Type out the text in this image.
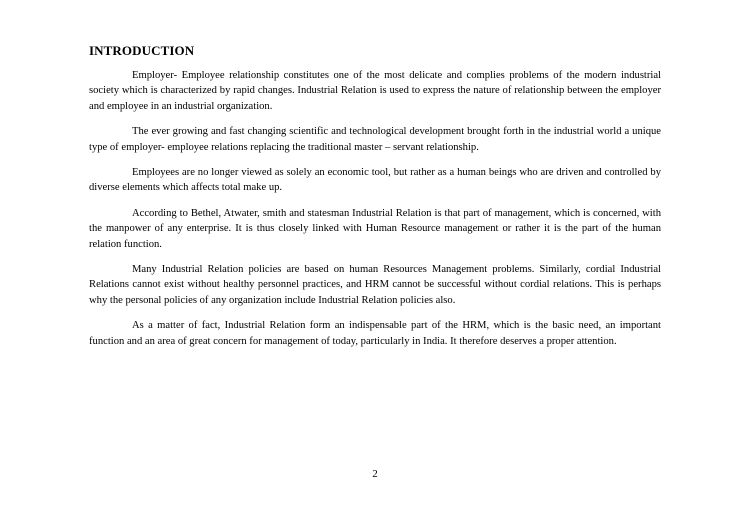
INTRODUCTION

Employer- Employee relationship constitutes one of the most delicate and complies problems of the modern industrial society which is characterized by rapid changes. Industrial Relation is used to express the nature of relationship between the employer and employee in an industrial organization.

The ever growing and fast changing scientific and technological development brought forth in the industrial world a unique type of employer- employee relations replacing the traditional master – servant relationship.

Employees are no longer viewed as solely an economic tool, but rather as a human beings who are driven and controlled by diverse elements which affects total make up.

According to Bethel, Atwater, smith and statesman Industrial Relation is that part of management, which is concerned, with the manpower of any enterprise. It is thus closely linked with Human Resource management or rather it is the part of the human relation function.

Many Industrial Relation policies are based on human Resources Management problems. Similarly, cordial Industrial Relations cannot exist without healthy personnel practices, and HRM cannot be successful without cordial relations. This is perhaps why the personal policies of any organization include Industrial Relation policies also.

As a matter of fact, Industrial Relation form an indispensable part of the HRM, which is the basic need, an important function and an area of great concern for management of today, particularly in India. It therefore deserves a proper attention.

2
